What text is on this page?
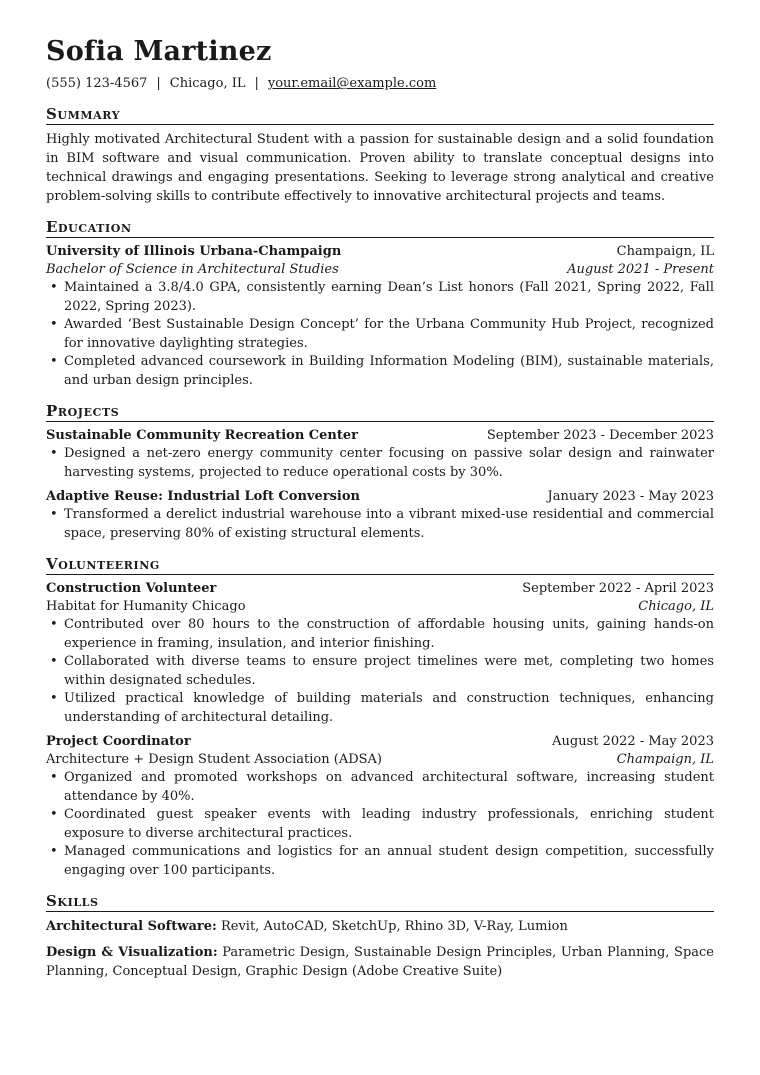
Sofia Martinez
(555) 123-4567 | Chicago, IL | your.email@example.com
Summary

Highly motivated Architectural Student with a passion for sustainable design and a solid foundation in BIM software and visual communication. Proven ability to translate conceptual designs into technical drawings and engaging presentations. Seeking to leverage strong analytical and creative problem-solving skills to contribute effectively to innovative architectural projects and teams.

Education
University of Illinois Urbana-Champaign	Champaign, IL
Bachelor of Science in Architectural Studies	August 2021 - Present
• Maintained a 3.8/4.0 GPA, consistently earning Dean’s List honors (Fall 2021, Spring 2022, Fall 2022, Spring 2023).
• Awarded ‘Best Sustainable Design Concept’ for the Urbana Community Hub Project, recognized for innovative daylighting strategies.
• Completed advanced coursework in Building Information Modeling (BIM), sustainable materials, and urban design principles.
Projects
Sustainable Community Recreation Center	September 2023 - December 2023
• Designed a net-zero energy community center focusing on passive solar design and rainwater harvesting systems, projected to reduce operational costs by 30%.
Adaptive Reuse: Industrial Loft Conversion	January 2023 - May 2023
• Transformed a derelict industrial warehouse into a vibrant mixed-use residential and commercial space, preserving 80% of existing structural elements.
Volunteering
Construction Volunteer	September 2022 - April 2023
Habitat for Humanity Chicago	Chicago, IL
• Contributed over 80 hours to the construction of affordable housing units, gaining hands-on experience in framing, insulation, and interior finishing.
• Collaborated with diverse teams to ensure project timelines were met, completing two homes within designated schedules.
• Utilized practical knowledge of building materials and construction techniques, enhancing understanding of architectural detailing.
Project Coordinator	August 2022 - May 2023
Architecture + Design Student Association (ADSA)	Champaign, IL
• Organized and promoted workshops on advanced architectural software, increasing student attendance by 40%.
• Coordinated guest speaker events with leading industry professionals, enriching student exposure to diverse architectural practices.
• Managed communications and logistics for an annual student design competition, successfully engaging over 100 participants.
Skills
Architectural Software: Revit, AutoCAD, SketchUp, Rhino 3D, V-Ray, Lumion
Design & Visualization: Parametric Design, Sustainable Design Principles, Urban Planning, Space Planning, Conceptual Design, Graphic Design (Adobe Creative Suite)
